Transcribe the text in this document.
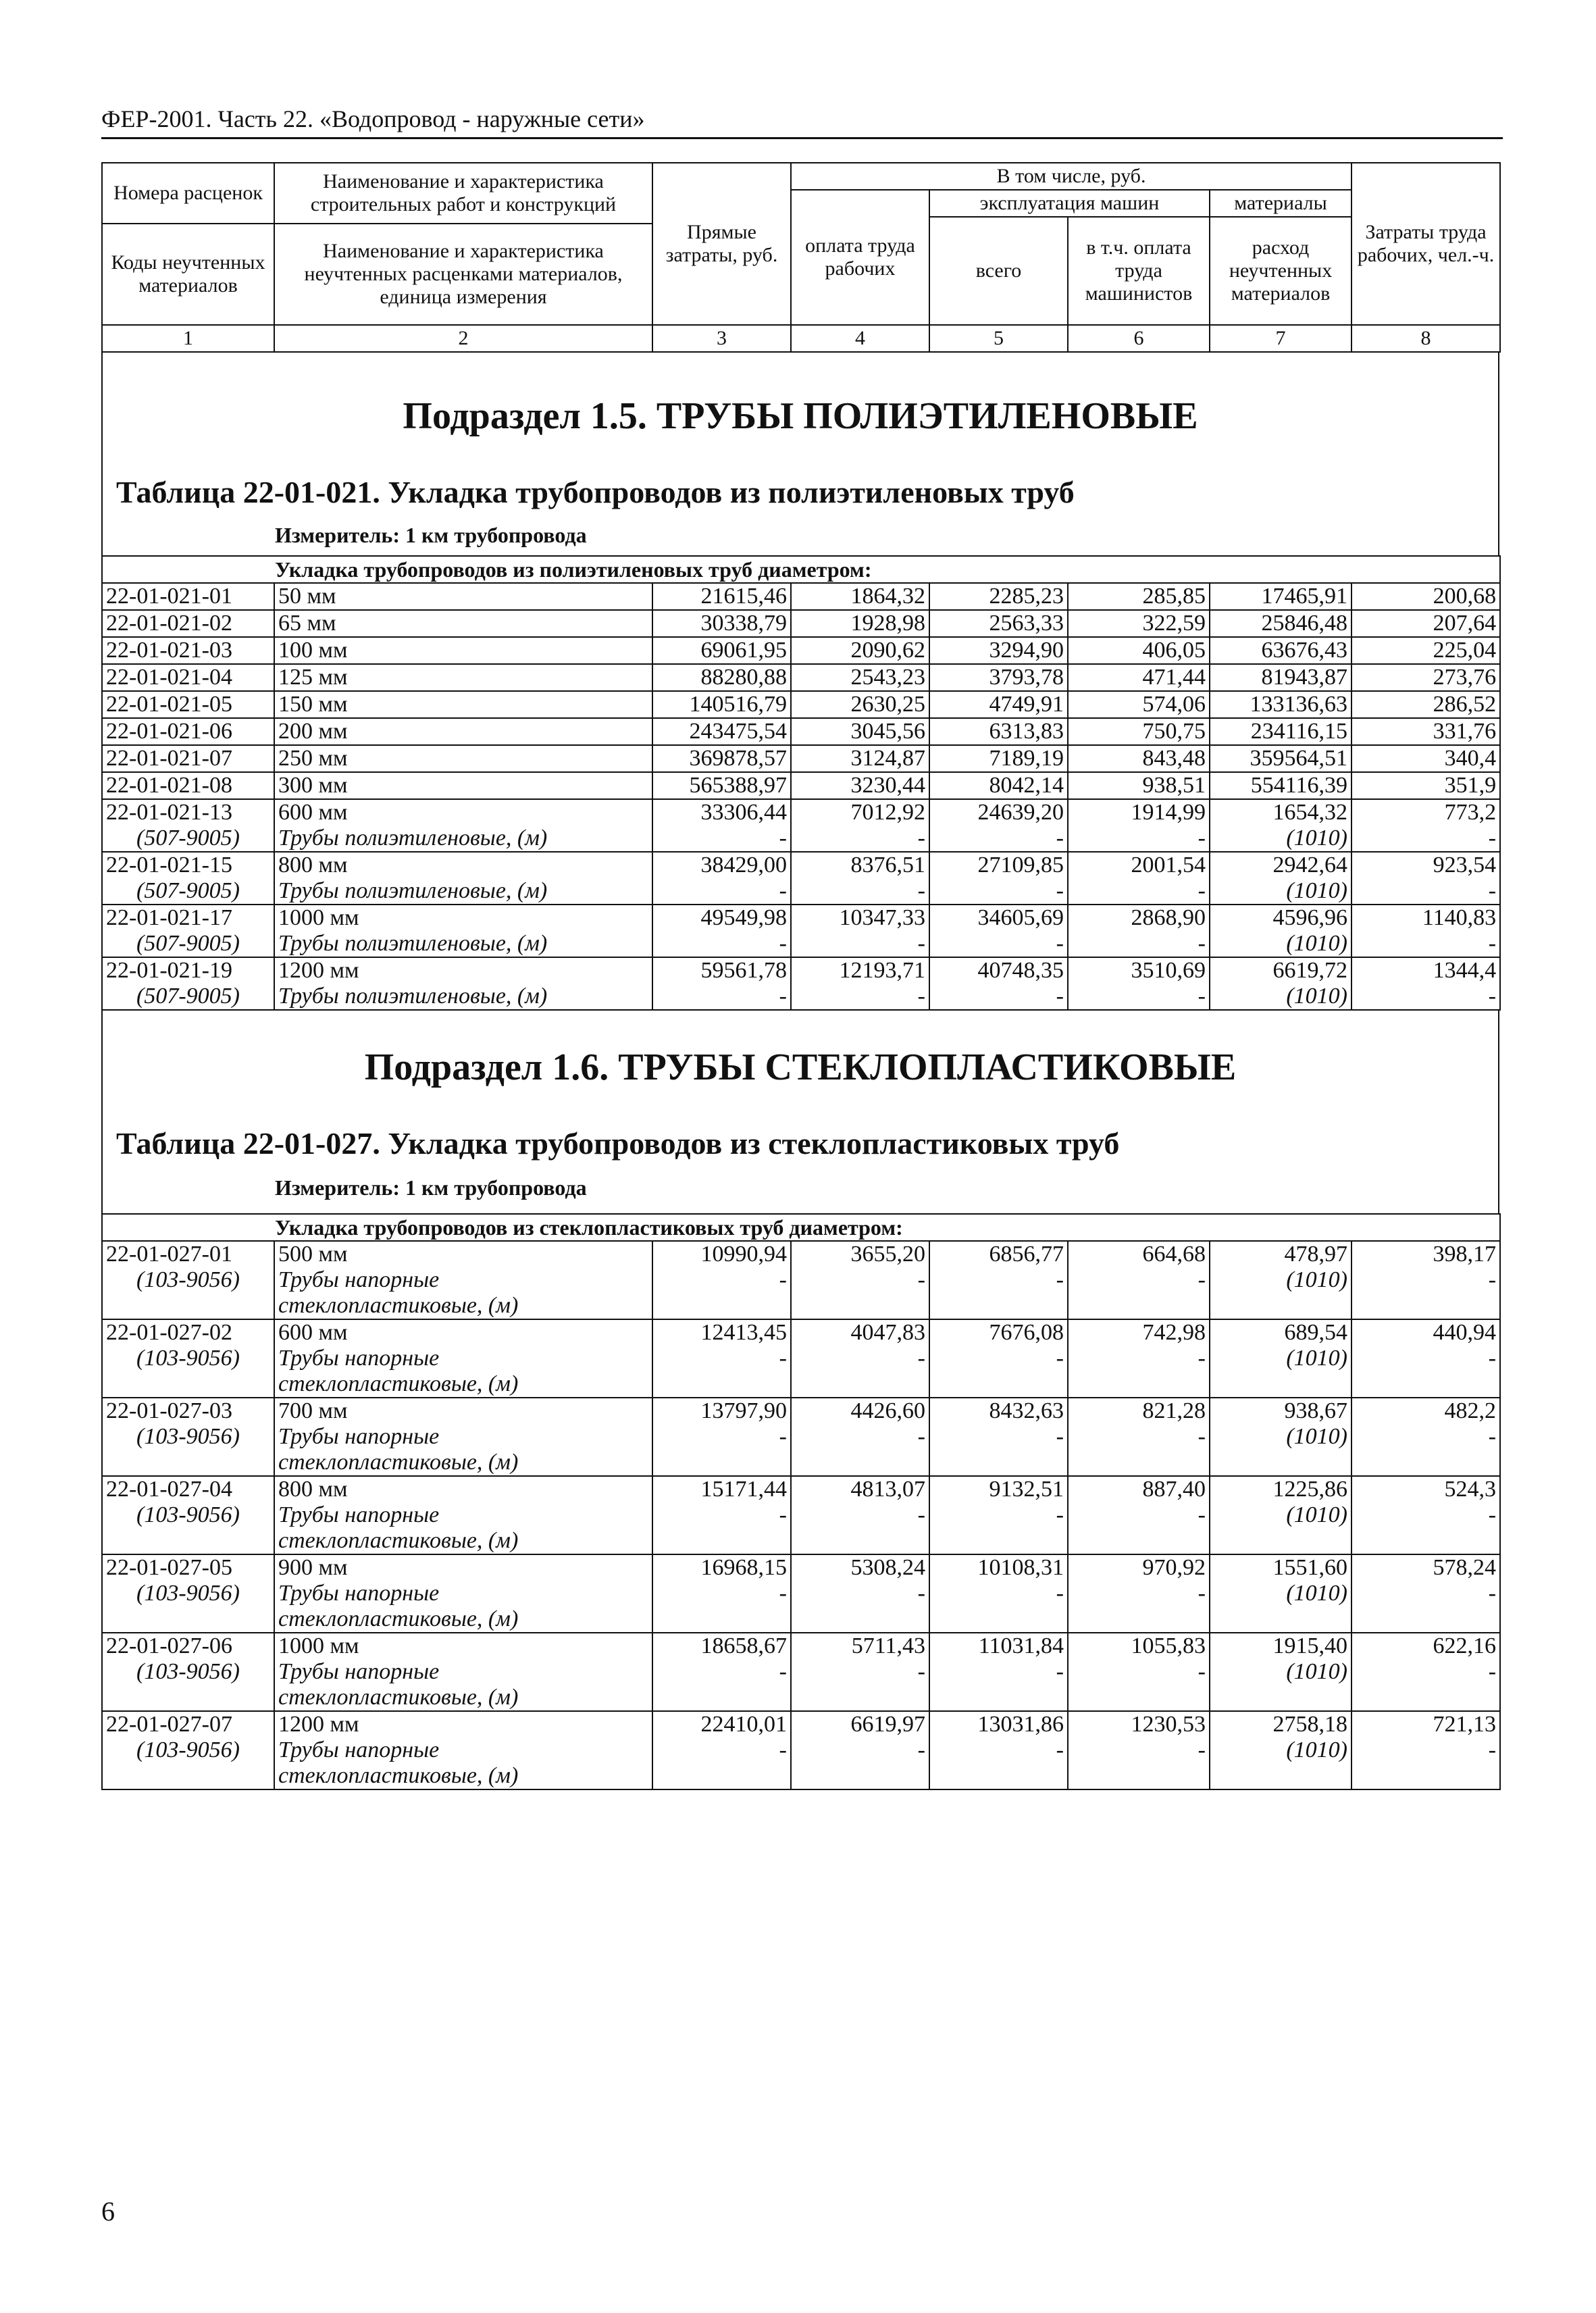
ФЕР-2001. Часть 22. «Водопровод - наружные сети»
Номера расценок	Наименование и характеристика строительных работ и конструкций	Прямые затраты, руб.	В том числе, руб.				Затраты труда рабочих, чел.-ч.
			оплата труда рабочих	эксплуатация машин		материалы	
				всего	в т.ч. оплата труда машинистов	расход неучтенных материалов	
Коды неучтенных материалов	Наименование и характеристика неучтенных расценками материалов, единица измерения						

1	2	3	4	5	6	7	8
Подраздел 1.5. ТРУБЫ ПОЛИЭТИЛЕНОВЫЕ
Таблица 22-01-021. Укладка трубопроводов из полиэтиленовых труб
Измеритель: 1 км трубопровода
Укладка трубопроводов из полиэтиленовых труб диаметром:							
22-01-021-01	50 мм	21615,46	1864,32	2285,23	285,85	17465,91	200,68
22-01-021-02	65 мм	30338,79	1928,98	2563,33	322,59	25846,48	207,64
22-01-021-03	100 мм	69061,95	2090,62	3294,90	406,05	63676,43	225,04
22-01-021-04	125 мм	88280,88	2543,23	3793,78	471,44	81943,87	273,76
22-01-021-05	150 мм	140516,79	2630,25	4749,91	574,06	133136,63	286,52
22-01-021-06	200 мм	243475,54	3045,56	6313,83	750,75	234116,15	331,76
22-01-021-07	250 мм	369878,57	3124,87	7189,19	843,48	359564,51	340,4
22-01-021-08	300 мм	565388,97	3230,44	8042,14	938,51	554116,39	351,9
22-01-021-13	600 мм	33306,44	7012,92	24639,20	1914,99	1654,32	773,2
(507-9005)	Трубы полиэтиленовые, (м)	-	-	-	-	(1010)	-
22-01-021-15	800 мм	38429,00	8376,51	27109,85	2001,54	2942,64	923,54
(507-9005)	Трубы полиэтиленовые, (м)	-	-	-	-	(1010)	-
22-01-021-17	1000 мм	49549,98	10347,33	34605,69	2868,90	4596,96	1140,83
(507-9005)	Трубы полиэтиленовые, (м)	-	-	-	-	(1010)	-
22-01-021-19	1200 мм	59561,78	12193,71	40748,35	3510,69	6619,72	1344,4
(507-9005)	Трубы полиэтиленовые, (м)	-	-	-	-	(1010)	-
Подраздел 1.6. ТРУБЫ СТЕКЛОПЛАСТИКОВЫЕ
Таблица 22-01-027. Укладка трубопроводов из стеклопластиковых труб
Измеритель: 1 км трубопровода
Укладка трубопроводов из стеклопластиковых труб диаметром:							
22-01-027-01	500 мм	10990,94	3655,20	6856,77	664,68	478,97	398,17
(103-9056)	Трубы напорные	-	-	-	-	(1010)	-
	стеклопластиковые, (м)						
22-01-027-02	600 мм	12413,45	4047,83	7676,08	742,98	689,54	440,94
(103-9056)	Трубы напорные	-	-	-	-	(1010)	-
	стеклопластиковые, (м)						
22-01-027-03	700 мм	13797,90	4426,60	8432,63	821,28	938,67	482,2
(103-9056)	Трубы напорные	-	-	-	-	(1010)	-
	стеклопластиковые, (м)						
22-01-027-04	800 мм	15171,44	4813,07	9132,51	887,40	1225,86	524,3
(103-9056)	Трубы напорные	-	-	-	-	(1010)	-
	стеклопластиковые, (м)						
22-01-027-05	900 мм	16968,15	5308,24	10108,31	970,92	1551,60	578,24
(103-9056)	Трубы напорные	-	-	-	-	(1010)	-
	стеклопластиковые, (м)						
22-01-027-06	1000 мм	18658,67	5711,43	11031,84	1055,83	1915,40	622,16
(103-9056)	Трубы напорные	-	-	-	-	(1010)	-
	стеклопластиковые, (м)						
22-01-027-07	1200 мм	22410,01	6619,97	13031,86	1230,53	2758,18	721,13
(103-9056)	Трубы напорные	-	-	-	-	(1010)	-
	стеклопластиковые, (м)						
6
